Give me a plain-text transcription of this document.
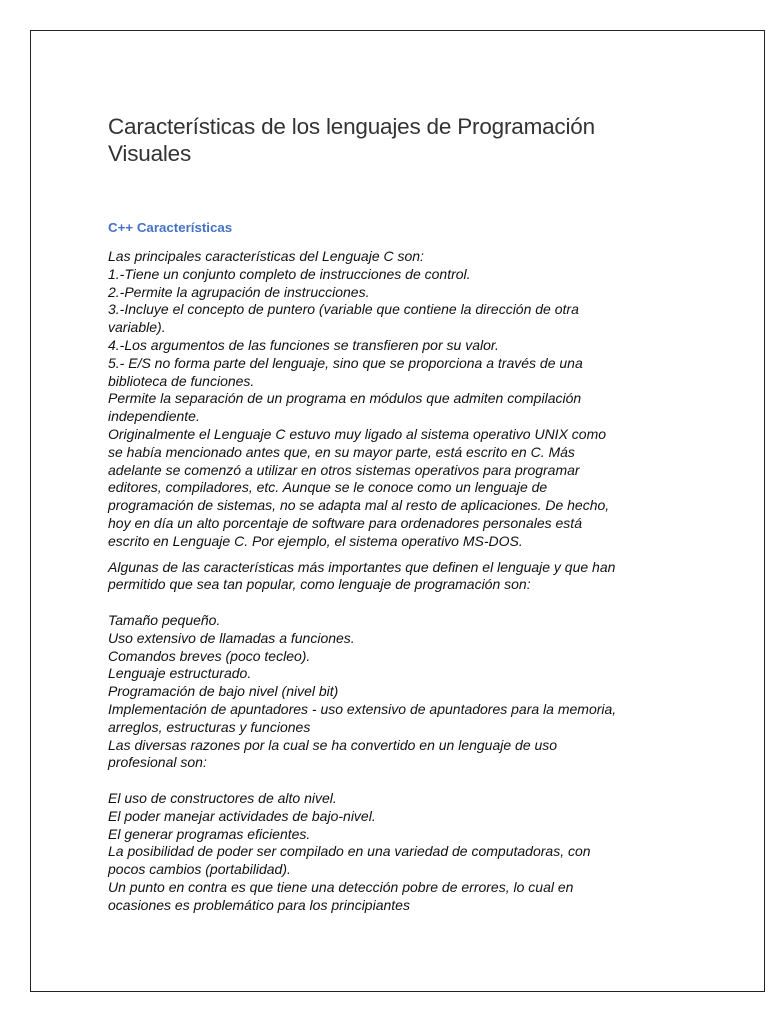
Características de los lenguajes de Programación
Visuales
C++ Características
Las principales características del Lenguaje C son:
1.-Tiene un conjunto completo de instrucciones de control.
2.-Permite la agrupación de instrucciones.
3.-Incluye el concepto de puntero (variable que contiene la dirección de otra
variable).
4.-Los argumentos de las funciones se transfieren por su valor.
5.- E/S no forma parte del lenguaje, sino que se proporciona a través de una
biblioteca de funciones.
Permite la separación de un programa en módulos que admiten compilación
independiente.
Originalmente el Lenguaje C estuvo muy ligado al sistema operativo UNIX como
se había mencionado antes que, en su mayor parte, está escrito en C. Más
adelante se comenzó a utilizar en otros sistemas operativos para programar
editores, compiladores, etc. Aunque se le conoce como un lenguaje de
programación de sistemas, no se adapta mal al resto de aplicaciones. De hecho,
hoy en día un alto porcentaje de software para ordenadores personales está
escrito en Lenguaje C. Por ejemplo, el sistema operativo MS-DOS.
Algunas de las características más importantes que definen el lenguaje y que han
permitido que sea tan popular, como lenguaje de programación son:
Tamaño pequeño.
Uso extensivo de llamadas a funciones.
Comandos breves (poco tecleo).
Lenguaje estructurado.
Programación de bajo nivel (nivel bit)
Implementación de apuntadores - uso extensivo de apuntadores para la memoria,
arreglos, estructuras y funciones
Las diversas razones por la cual se ha convertido en un lenguaje de uso
profesional son:
El uso de constructores de alto nivel.
El poder manejar actividades de bajo-nivel.
El generar programas eficientes.
La posibilidad de poder ser compilado en una variedad de computadoras, con
pocos cambios (portabilidad).
Un punto en contra es que tiene una detección pobre de errores, lo cual en
ocasiones es problemático para los principiantes
